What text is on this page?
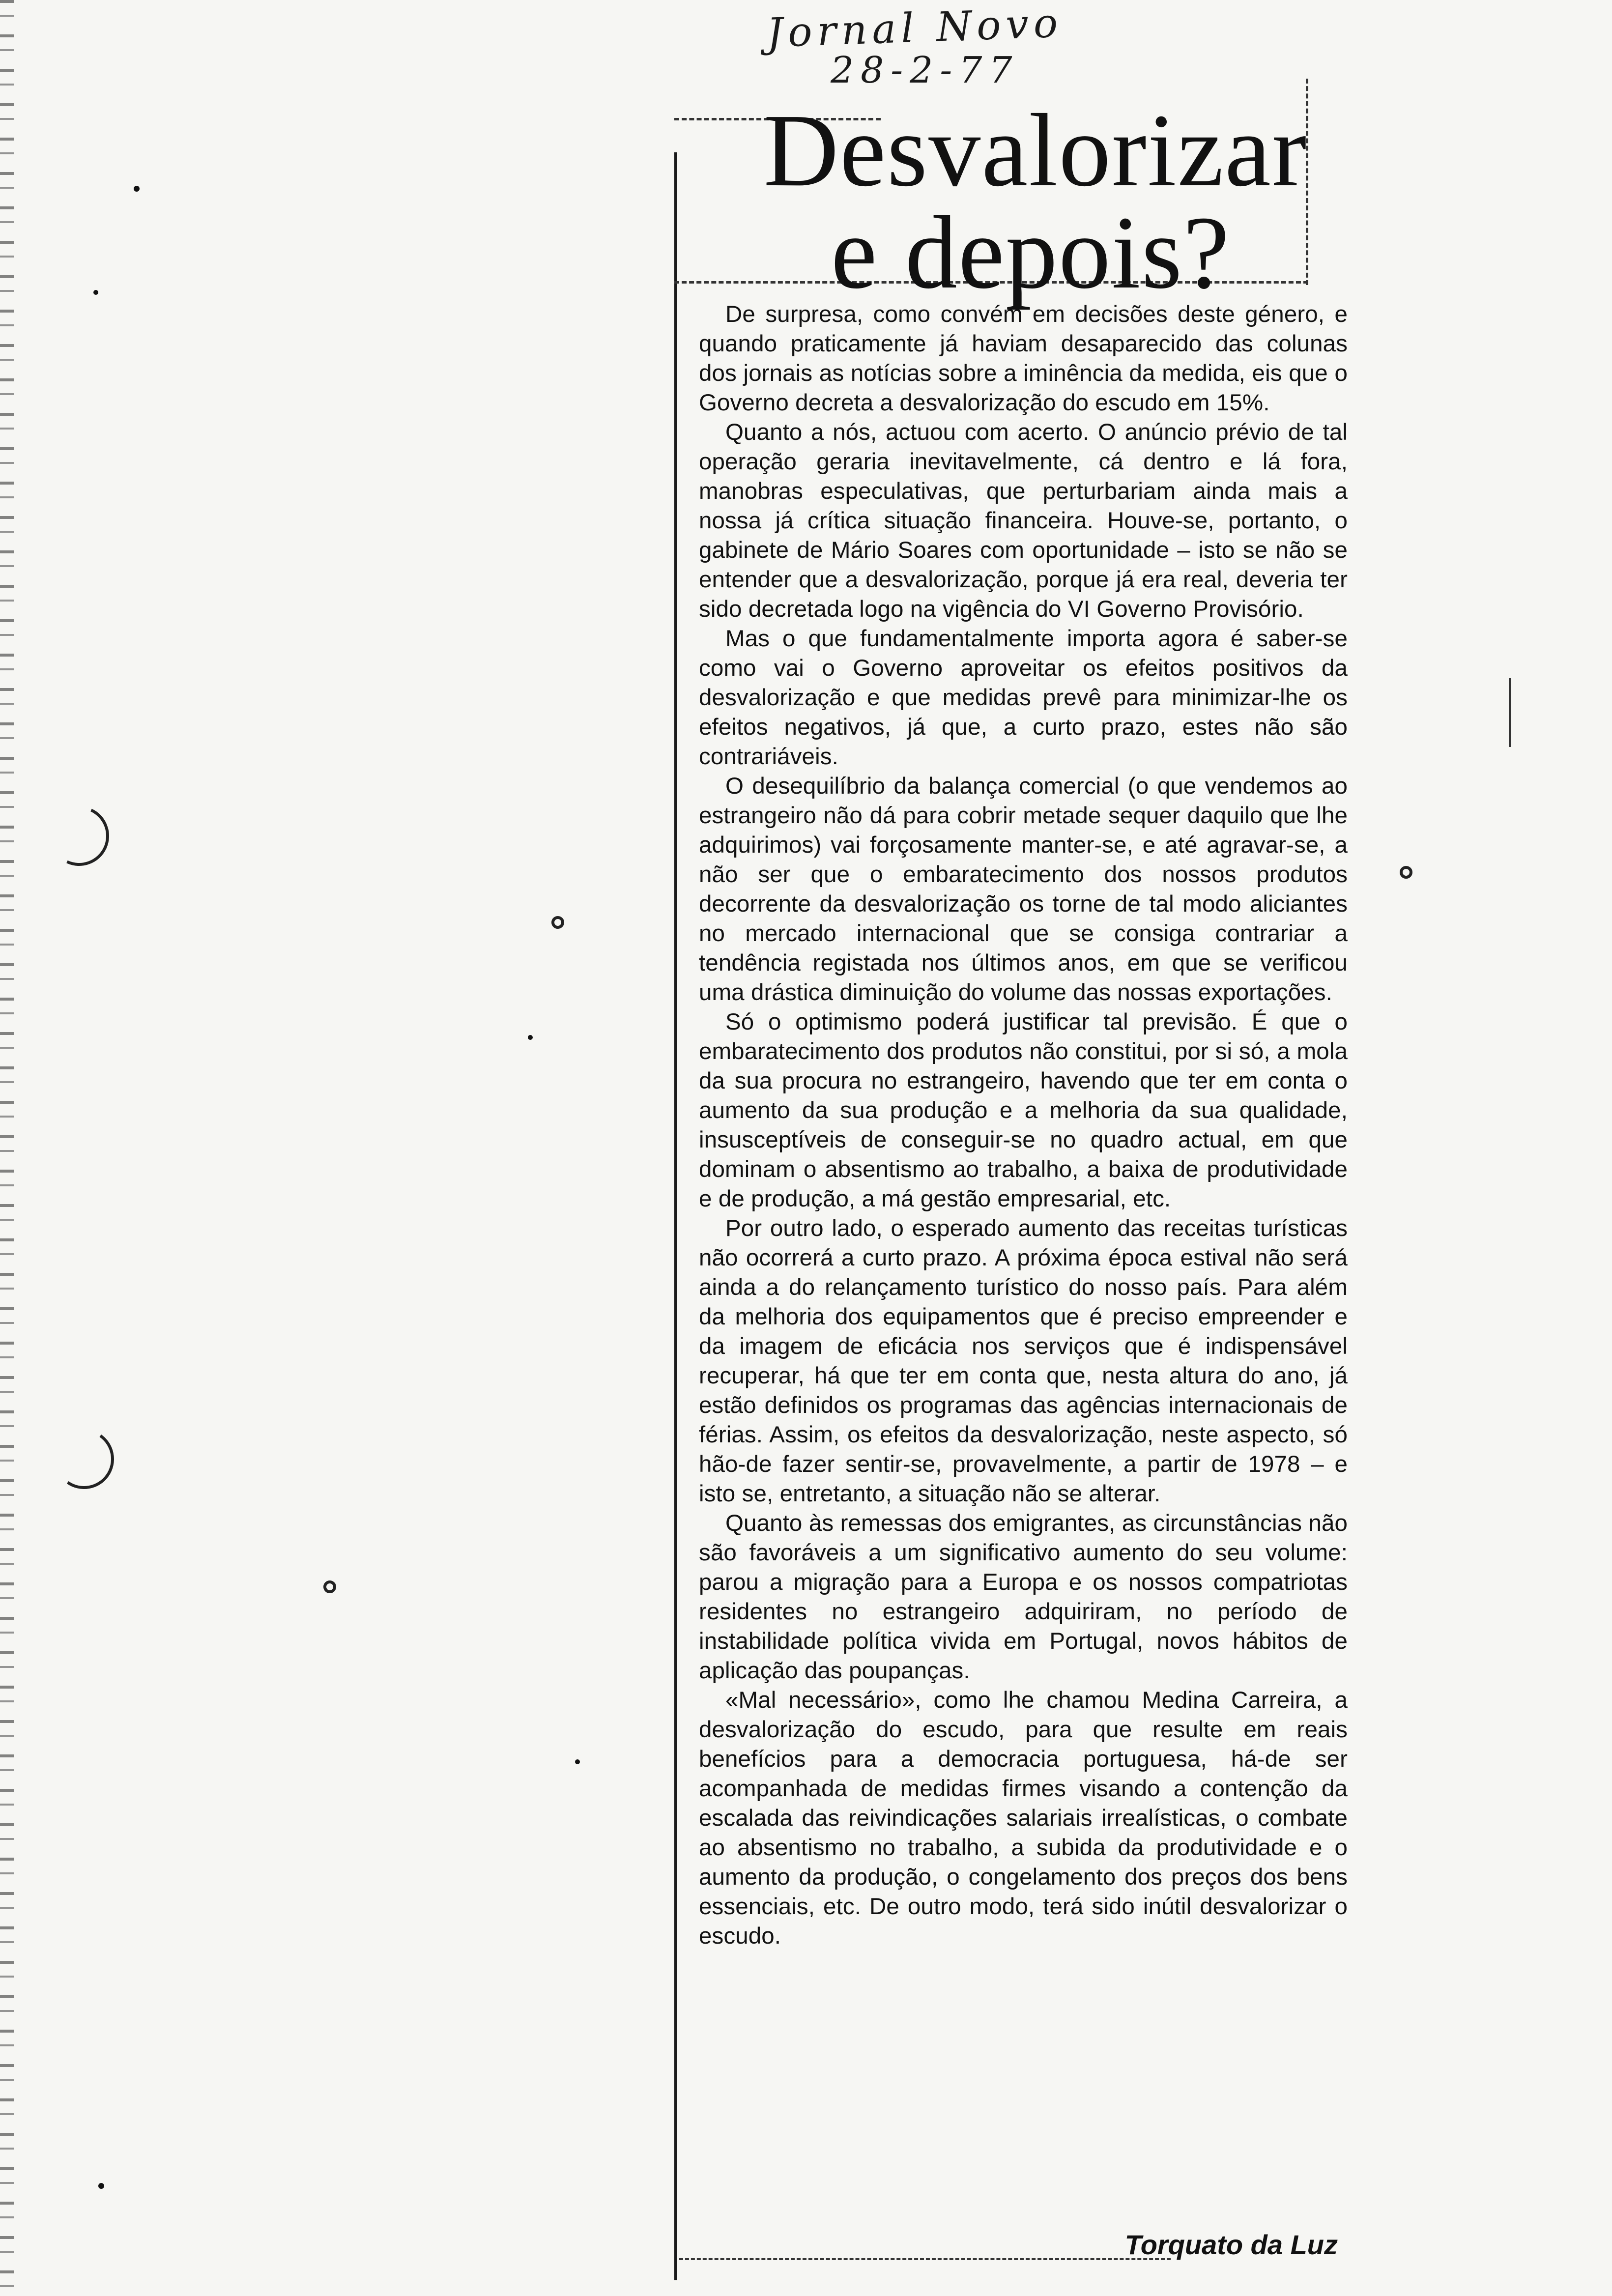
Jornal Novo
28-2-77
Desvalorizar
e depois?

De surpresa, como convém em decisões deste género, e quando praticamente já haviam desaparecido das colunas dos jornais as notícias sobre a iminência da medida, eis que o Governo decreta a desvalorização do escudo em 15%.

Quanto a nós, actuou com acerto. O anúncio prévio de tal operação geraria inevitavelmente, cá dentro e lá fora, manobras especulativas, que perturbariam ainda mais a nossa já crítica situação financeira. Houve-se, portanto, o gabinete de Mário Soares com oportunidade – isto se não se entender que a desvalorização, porque já era real, deveria ter sido decretada logo na vigência do VI Governo Provisório.

Mas o que fundamentalmente importa agora é saber-se como vai o Governo aproveitar os efeitos positivos da desvalorização e que medidas prevê para minimizar-lhe os efeitos negativos, já que, a curto prazo, estes não são contrariáveis.

O desequilíbrio da balança comercial (o que vendemos ao estrangeiro não dá para cobrir metade sequer daquilo que lhe adquirimos) vai forçosamente manter-se, e até agravar-se, a não ser que o embaratecimento dos nossos produtos decorrente da desvalorização os torne de tal modo aliciantes no mercado internacional que se consiga contrariar a tendência registada nos últimos anos, em que se verificou uma drástica diminuição do volume das nossas exportações.

Só o optimismo poderá justificar tal previsão. É que o embaratecimento dos produtos não constitui, por si só, a mola da sua procura no estrangeiro, havendo que ter em conta o aumento da sua produção e a melhoria da sua qualidade, insusceptíveis de conseguir-se no quadro actual, em que dominam o absentismo ao trabalho, a baixa de produtividade e de produção, a má gestão empresarial, etc.

Por outro lado, o esperado aumento das receitas turísticas não ocorrerá a curto prazo. A próxima época estival não será ainda a do relançamento turístico do nosso país. Para além da melhoria dos equipamentos que é preciso empreender e da imagem de eficácia nos serviços que é indispensável recuperar, há que ter em conta que, nesta altura do ano, já estão definidos os programas das agências internacionais de férias. Assim, os efeitos da desvalorização, neste aspecto, só hão-de fazer sentir-se, provavelmente, a partir de 1978 – e isto se, entretanto, a situação não se alterar.

Quanto às remessas dos emigrantes, as circunstâncias não são favoráveis a um significativo aumento do seu volume: parou a migração para a Europa e os nossos compatriotas residentes no estrangeiro adquiriram, no período de instabilidade política vivida em Portugal, novos hábitos de aplicação das poupanças.

«Mal necessário», como lhe chamou Medina Carreira, a desvalorização do escudo, para que resulte em reais benefícios para a democracia portuguesa, há-de ser acompanhada de medidas firmes visando a contenção da escalada das reivindicações salariais irrealísticas, o combate ao absentismo no trabalho, a subida da produtividade e o aumento da produção, o congelamento dos preços dos bens essenciais, etc. De outro modo, terá sido inútil desvalorizar o escudo.

Torquato da Luz
